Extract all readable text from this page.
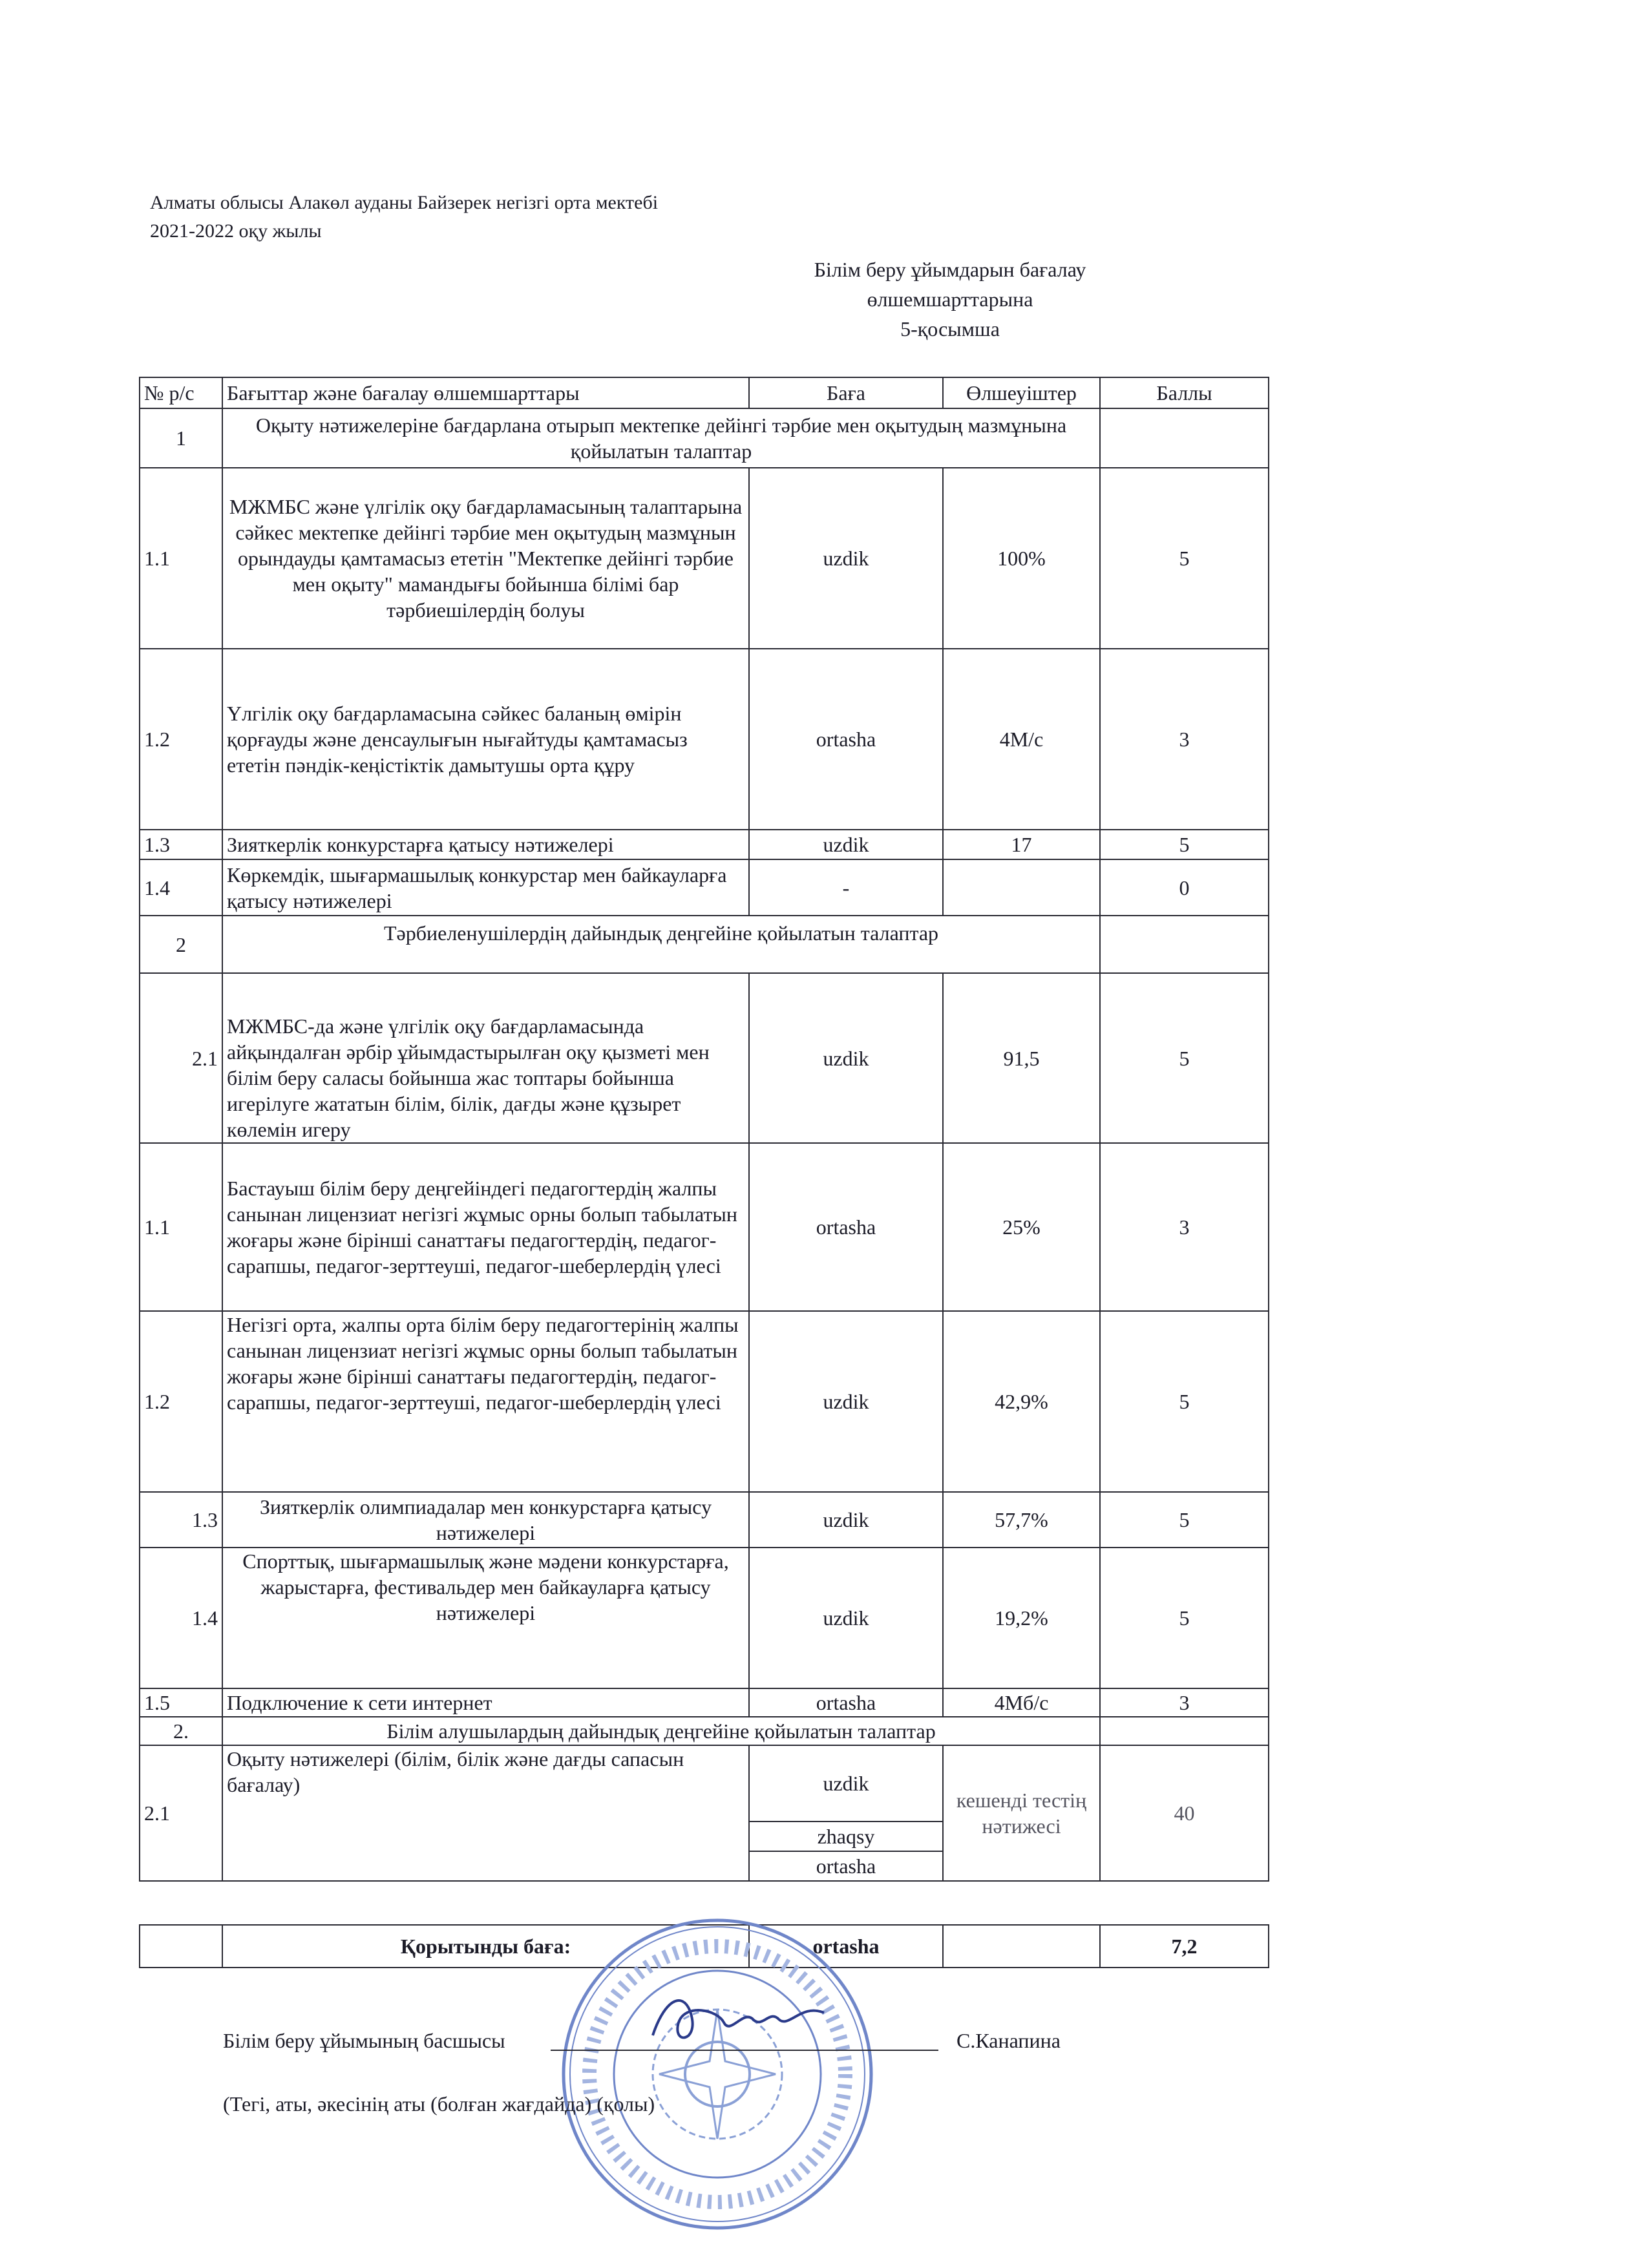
Алматы облысы Алакөл ауданы Байзерек негізгі орта мектебі
2021-2022 оқу жылы
Білім беру ұйымдарын бағалау
өлшемшарттарына
5-қосымша
№ р/с	Бағыттар және бағалау өлшемшарттары	Баға	Өлшеуіштер	Баллы
1	Оқыту нәтижелеріне бағдарлана отырып мектепке дейінгі тәрбие мен оқытудың мазмұнына қойылатын талаптар			
1.1	МЖМБС және үлгілік оқу бағдарламасының талаптарына сәйкес мектепке дейінгі тәрбие мен оқытудың мазмұнын орындауды қамтамасыз ететін "Мектепке дейінгі тәрбие мен оқыту" мамандығы бойынша білімі бар тәрбиешілердің болуы	uzdik	100%	5
1.2	Үлгілік оқу бағдарламасына сәйкес баланың өмірін қорғауды және денсаулығын нығайтуды қамтамасыз ететін пәндік-кеңістіктік дамытушы орта құру	ortasha	4М/с	3
1.3	Зияткерлік конкурстарға қатысу нәтижелері	uzdik	17	5
1.4	Көркемдік, шығармашылық конкурстар мен байкауларға қатысу нәтижелері	-		0
2	Тәрбиеленушілердің дайындық деңгейіне қойылатын талаптар			
2.1	МЖМБС-да және үлгілік оқу бағдарламасында айқындалған әрбір ұйымдастырылған оқу қызметі мен білім беру саласы бойынша жас топтары бойынша игерілуге жататын білім, білік, дағды және құзырет көлемін игеру	uzdik	91,5	5
1.1	Бастауыш білім беру деңгейіндегі педагогтердің жалпы санынан лицензиат негізгі жұмыс орны болып табылатын жоғары және бірінші санаттағы педагогтердің, педагог-сарапшы, педагог-зерттеуші, педагог-шеберлердің үлесі	ortasha	25%	3
1.2	Негізгі орта, жалпы орта білім беру педагогтерінің жалпы санынан лицензиат негізгі жұмыс орны болып табылатын жоғары және бірінші санаттағы педагогтердің, педагог-сарапшы, педагог-зерттеуші, педагог-шеберлердің үлесі	uzdik	42,9%	5
1.3	Зияткерлік олимпиадалар мен конкурстарға қатысу нәтижелері	uzdik	57,7%	5
1.4	Спорттық, шығармашылық және мәдени конкурстарға, жарыстарға, фестивальдер мен байкауларға қатысу нәтижелері	uzdik	19,2%	5
1.5	Подключение к сети интернет	ortasha	4Мб/с	3
2.	Білім алушылардың дайындық деңгейіне қойылатын талаптар			
2.1	Оқыту нәтижелері (білім, білік және дағды сапасын бағалау)	uzdik	кешенді тестің нәтижесі	40
		zhaqsy		
		ortasha		
	Қорытынды баға:	ortasha		7,2
Білім беру ұйымының басшысы	С.Канапина
(Тегі, аты, әкесінің аты (болған жағдайда) (қолы)
